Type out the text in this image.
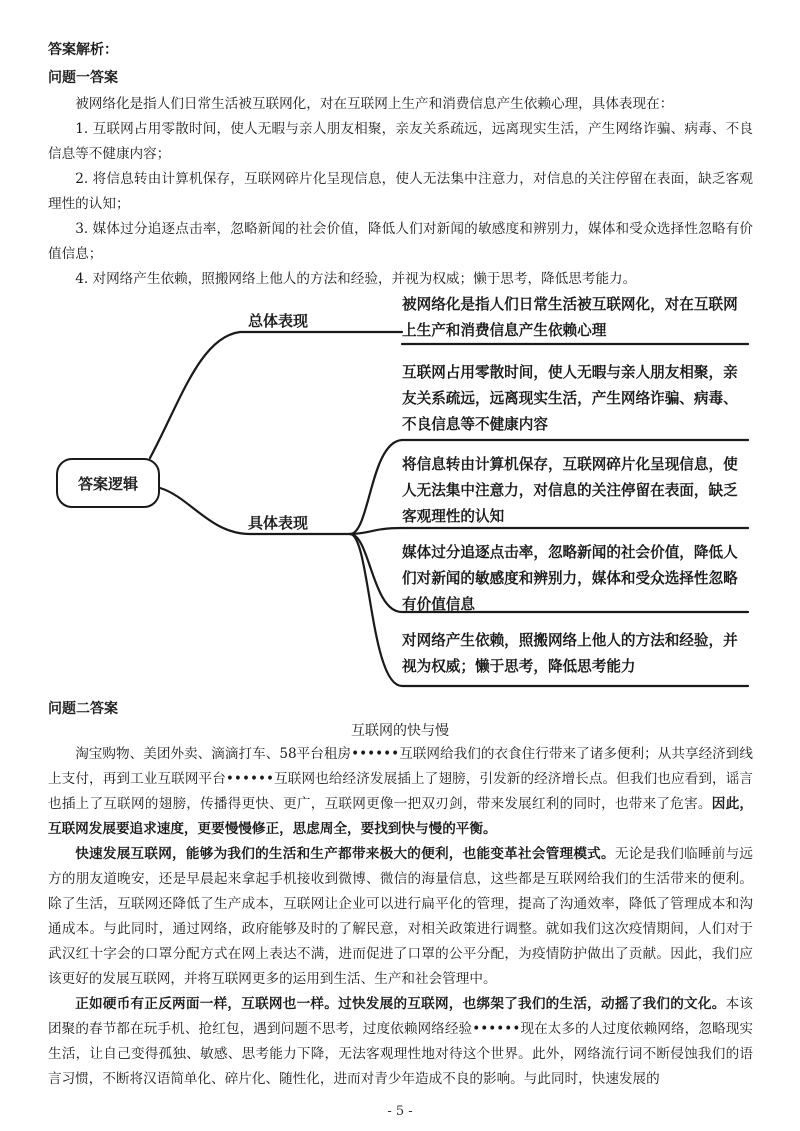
答案解析：
问题一答案

被网络化是指人们日常生活被互联网化，对在互联网上生产和消费信息产生依赖心理，具体表现在：

1. 互联网占用零散时间，使人无暇与亲人朋友相聚，亲友关系疏远，远离现实生活，产生网络诈骗、病毒、不良信息等不健康内容；

2. 将信息转由计算机保存，互联网碎片化呈现信息，使人无法集中注意力，对信息的关注停留在表面，缺乏客观理性的认知；

3. 媒体过分追逐点击率，忽略新闻的社会价值，降低人们对新闻的敏感度和辨别力，媒体和受众选择性忽略有价值信息；

4. 对网络产生依赖，照搬网络上他人的方法和经验，并视为权威；懒于思考，降低思考能力。

答案逻辑
总体表现
具体表现
被网络化是指人们日常生活被互联网化，对在互联网上生产和消费信息产生依赖心理
互联网占用零散时间，使人无暇与亲人朋友相聚，亲友关系疏远，远离现实生活，产生网络诈骗、病毒、不良信息等不健康内容
将信息转由计算机保存，互联网碎片化呈现信息，使人无法集中注意力，对信息的关注停留在表面，缺乏客观理性的认知
媒体过分追逐点击率，忽略新闻的社会价值，降低人们对新闻的敏感度和辨别力，媒体和受众选择性忽略有价值信息
对网络产生依赖，照搬网络上他人的方法和经验，并视为权威；懒于思考，降低思考能力
问题二答案
互联网的快与慢

淘宝购物、美团外卖、滴滴打车、58平台租房••••••互联网给我们的衣食住行带来了诸多便利；从共享经济到线上支付，再到工业互联网平台••••••互联网也给经济发展插上了翅膀，引发新的经济增长点。但我们也应看到，谣言也插上了互联网的翅膀，传播得更快、更广，互联网更像一把双刃剑，带来发展红利的同时，也带来了危害。因此，互联网发展要追求速度，更要慢慢修正，思虑周全，要找到快与慢的平衡。

快速发展互联网，能够为我们的生活和生产都带来极大的便利，也能变革社会管理模式。无论是我们临睡前与远方的朋友道晚安，还是早晨起来拿起手机接收到微博、微信的海量信息，这些都是互联网给我们的生活带来的便利。除了生活，互联网还降低了生产成本，互联网让企业可以进行扁平化的管理，提高了沟通效率，降低了管理成本和沟通成本。与此同时，通过网络，政府能够及时的了解民意，对相关政策进行调整。就如我们这次疫情期间，人们对于武汉红十字会的口罩分配方式在网上表达不满，进而促进了口罩的公平分配，为疫情防护做出了贡献。因此，我们应该更好的发展互联网，并将互联网更多的运用到生活、生产和社会管理中。

正如硬币有正反两面一样，互联网也一样。过快发展的互联网，也绑架了我们的生活，动摇了我们的文化。本该团聚的春节都在玩手机、抢红包，遇到问题不思考，过度依赖网络经验••••••现在太多的人过度依赖网络，忽略现实生活，让自己变得孤独、敏感、思考能力下降，无法客观理性地对待这个世界。此外，网络流行词不断侵蚀我们的语言习惯，不断将汉语简单化、碎片化、随性化，进而对青少年造成不良的影响。与此同时，快速发展的

- 5 -
